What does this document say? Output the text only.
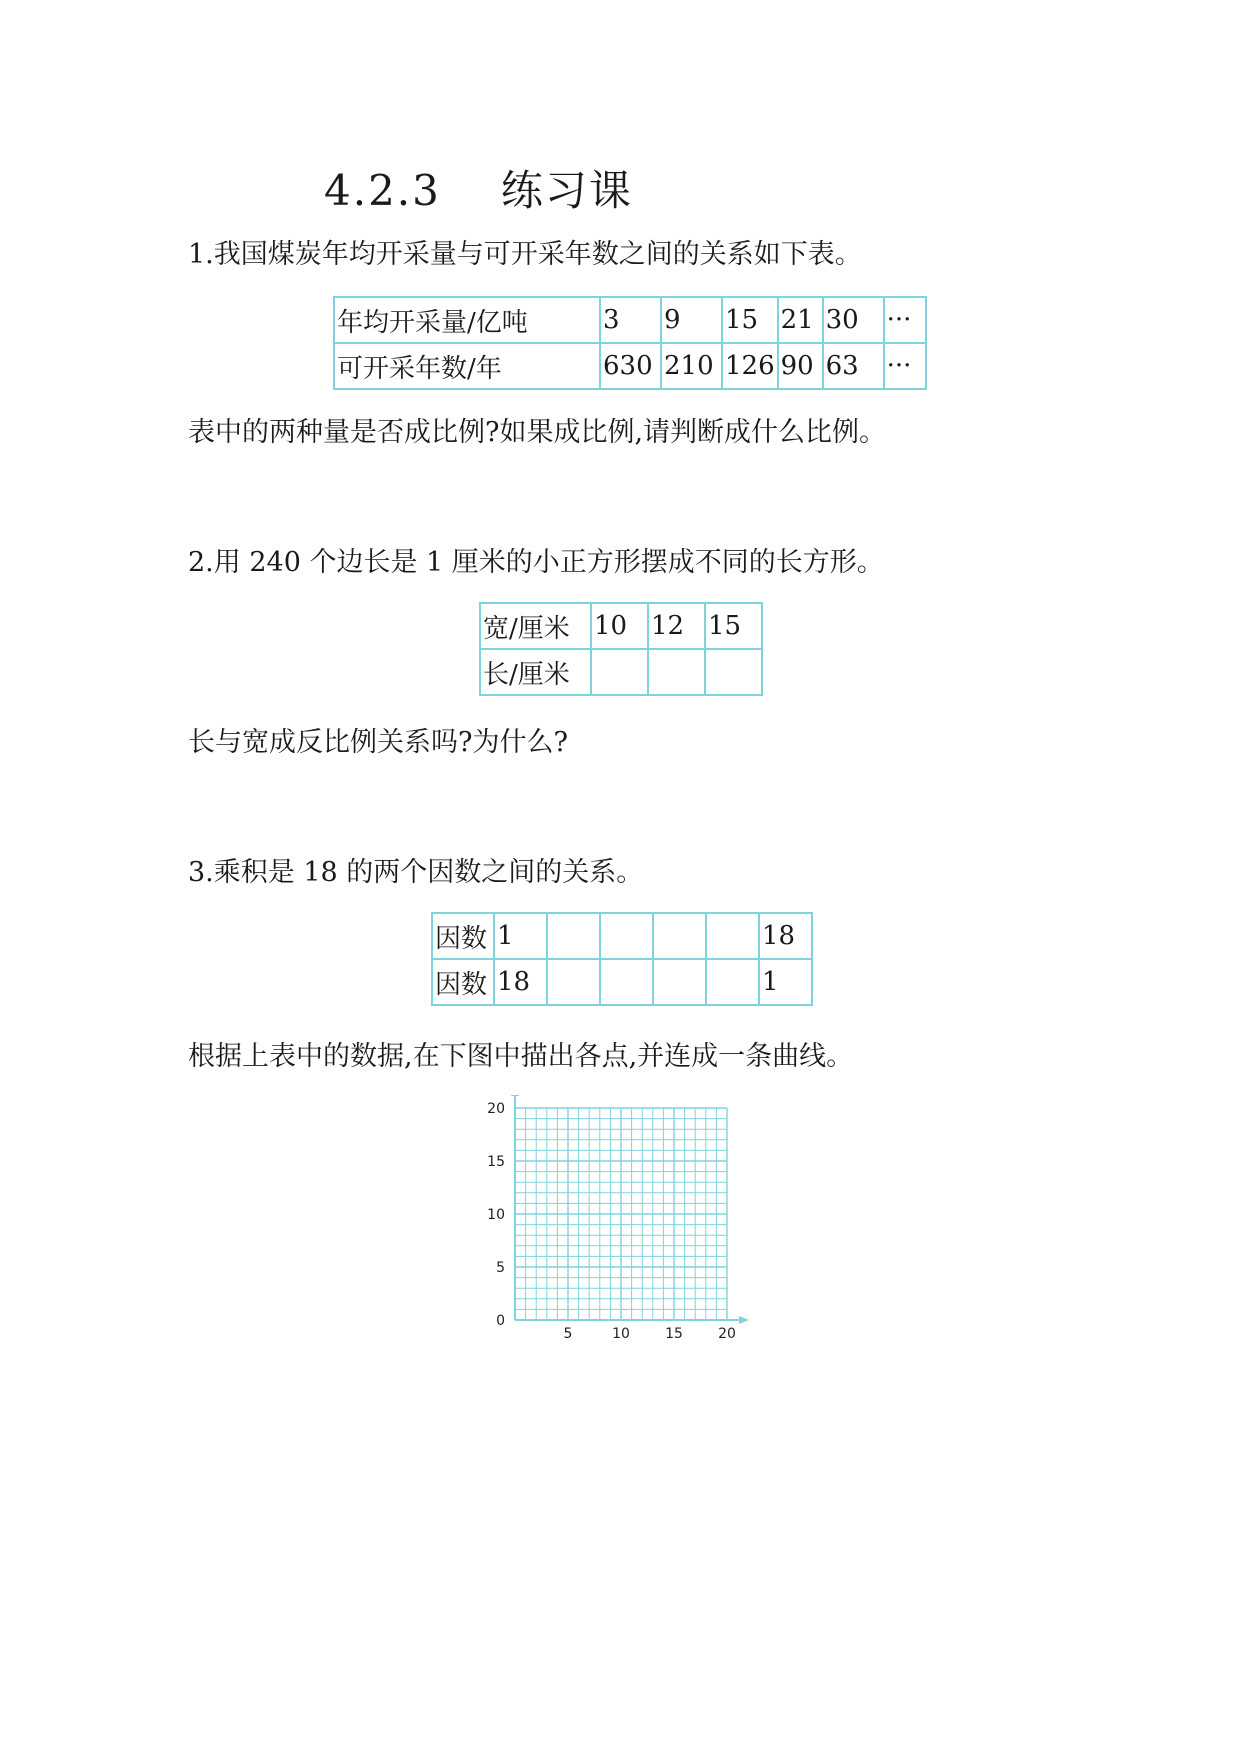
4.2.3 练习课
1.我国煤炭年均开采量与可开采年数之间的关系如下表。
年均开采量/亿吨	3	9	15	21	30	···
可开采年数/年	630	210	126	90	63	···
表中的两种量是否成比例?如果成比例,请判断成什么比例。
2.用 240 个边长是 1 厘米的小正方形摆成不同的长方形。
宽/厘米	10	12	15
长/厘米			
长与宽成反比例关系吗?为什么?
3.乘积是 18 的两个因数之间的关系。
因数	1					18
因数	18					1
根据上表中的数据,在下图中描出各点,并连成一条曲线。
5	10	15	20
0
5
10
15
20
